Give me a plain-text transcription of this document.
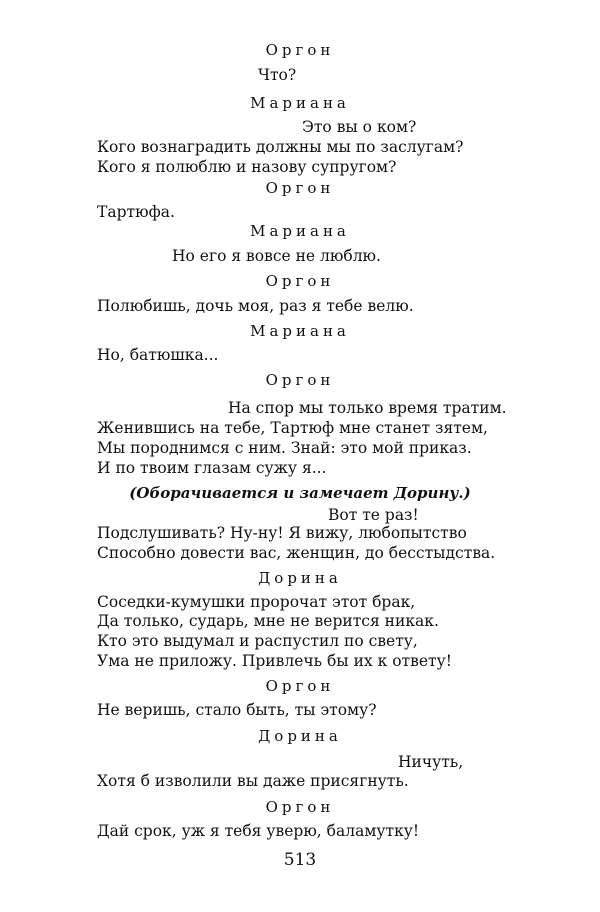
Оргон
Что?
Мариана
Это вы о ком?
Кого вознаградить должны мы по заслугам?
Кого я полюблю и назову супругом?
Оргон
Тартюфа.
Мариана
Но его я вовсе не люблю.
Оргон
Полюбишь, дочь моя, раз я тебе велю.
Мариана
Но, батюшка...
Оргон
На спор мы только время тратим.
Женившись на тебе, Тартюф мне станет зятем,
Мы породнимся с ним. Знай: это мой приказ.
И по твоим глазам сужу я...
(Оборачивается и замечает Дорину.)
Вот те раз!
Подслушивать? Ну-ну! Я вижу, любопытство
Способно довести вас, женщин, до бесстыдства.
Дорина
Соседки-кумушки пророчат этот брак,
Да только, сударь, мне не верится никак.
Кто это выдумал и распустил по свету,
Ума не приложу. Привлечь бы их к ответу!
Оргон
Не веришь, стало быть, ты этому?
Дорина
Ничуть,
Хотя б изволили вы даже присягнуть.
Оргон
Дай срок, уж я тебя уверю, баламутку!
513
